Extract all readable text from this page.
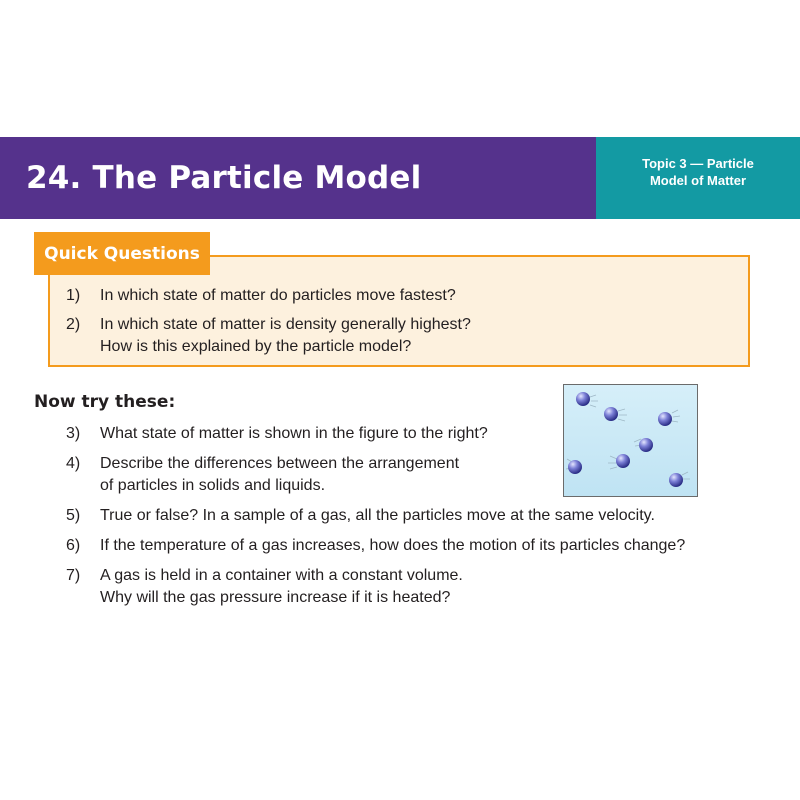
24. The Particle Model	Topic 3 — Particle
Model of Matter
Quick Questions
1) In which state of matter do particles move fastest?
2) In which state of matter is density generally highest?
How is this explained by the particle model?
Now try these:
3) What state of matter is shown in the figure to the right?
4) Describe the differences between the arrangement
of particles in solids and liquids.
5) True or false? In a sample of a gas, all the particles move at the same velocity.
6) If the temperature of a gas increases, how does the motion of its particles change?
7) A gas is held in a container with a constant volume.
Why will the gas pressure increase if it is heated?
